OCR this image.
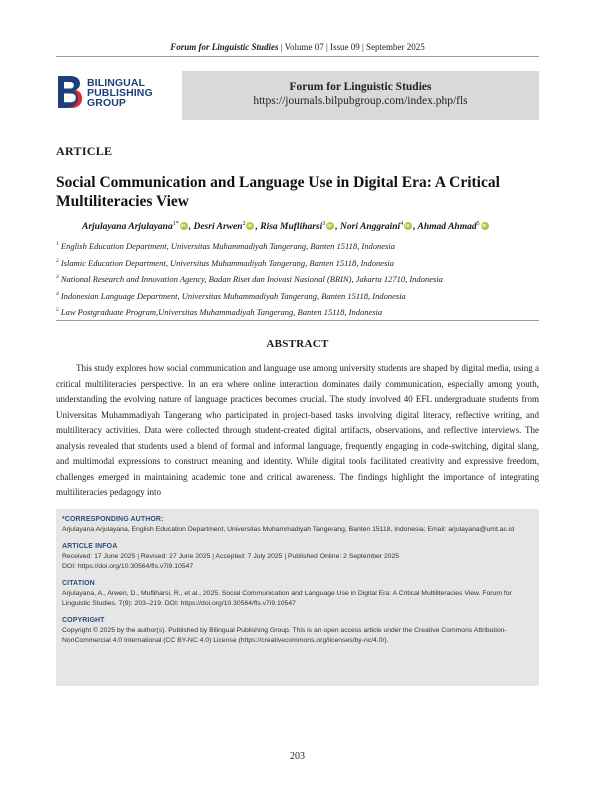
Forum for Linguistic Studies | Volume 07 | Issue 09 | September 2025
BILINGUAL
PUBLISHING
GROUP
Forum for Linguistic Studies
https://journals.bilpubgroup.com/index.php/fls
ARTICLE
Social Communication and Language Use in Digital Era: A Critical Multiliteracies View
Arjulayana Arjulayana$^{1*}$ iD , Desri Arwen$^2$ iD , Risa Mufliharsi$^3$ iD , Nori Anggraini$^4$ iD , Ahmad Ahmad$^5$iD
$^1$ English Education Department, Universitas Muhammadiyah Tangerang, Banten 15118, Indonesia
$^2$ Islamic Education Department, Universitas Muhammadiyah Tangerang, Banten 15118, Indonesia
$^3$ National Research and Innovation Agency, Badan Riset dan Inovasi Nasional (BRIN), Jakarta 12710, Indonesia
$^4$ Indonesian Language Department, Universitas Muhammadiyah Tangerang, Banten 15118, Indonesia
$^5$ Law Postgraduate Program,Universitas Muhammadiyah Tangerang, Banten 15118, Indonesia
ABSTRACT
This study explores how social communication and language use among university students are shaped by digital media, using a critical multiliteracies perspective. In an era where online interaction dominates daily communication, especially among youth, understanding the evolving nature of language practices becomes crucial. The study involved 40 EFL undergraduate students from Universitas Muhammadiyah Tangerang who participated in project-based tasks involving digital literacy, reflective writing, and multiliteracy activities. Data were collected through student-created digital artifacts, observations, and reflective interviews. The analysis revealed that students used a blend of formal and informal language, frequently engaging in code-switching, digital slang, and multimodal expressions to construct meaning and identity. While digital tools facilitated creativity and expressive freedom, challenges emerged in maintaining academic tone and critical awareness. The findings highlight the importance of integrating multiliteracies pedagogy into
*CORRESPONDING AUTHOR:
Arjulayana Arjulayana, English Education Department, Universitas Muhammadiyah Tangerang, Banten 15118, Indonesia; Email: arjulayana@umt.ac.id
ARTICLE INFOA
Received: 17 June 2025 | Revised: 27 June 2025 | Accepted: 7 July 2025 | Published Online: 2 September 2025
DOI: https://doi.org/10.30564/fls.v7i9.10547
CITATION
Arjulayana, A., Arwen, D., Mufliharsi, R., et al., 2025. Social Communication and Language Use in Digital Era: A Critical Multiliteracies View. Forum for Linguistic Studies. 7(9): 203–219. DOI: https://doi.org/10.30564/fls.v7i9.10547
COPYRIGHT
Copyright © 2025 by the author(s). Published by Bilingual Publishing Group. This is an open access article under the Creative Commons Attribution-NonCommercial 4.0 International (CC BY-NC 4.0) License (https://creativecommons.org/licenses/by-nc/4.0/).
203
